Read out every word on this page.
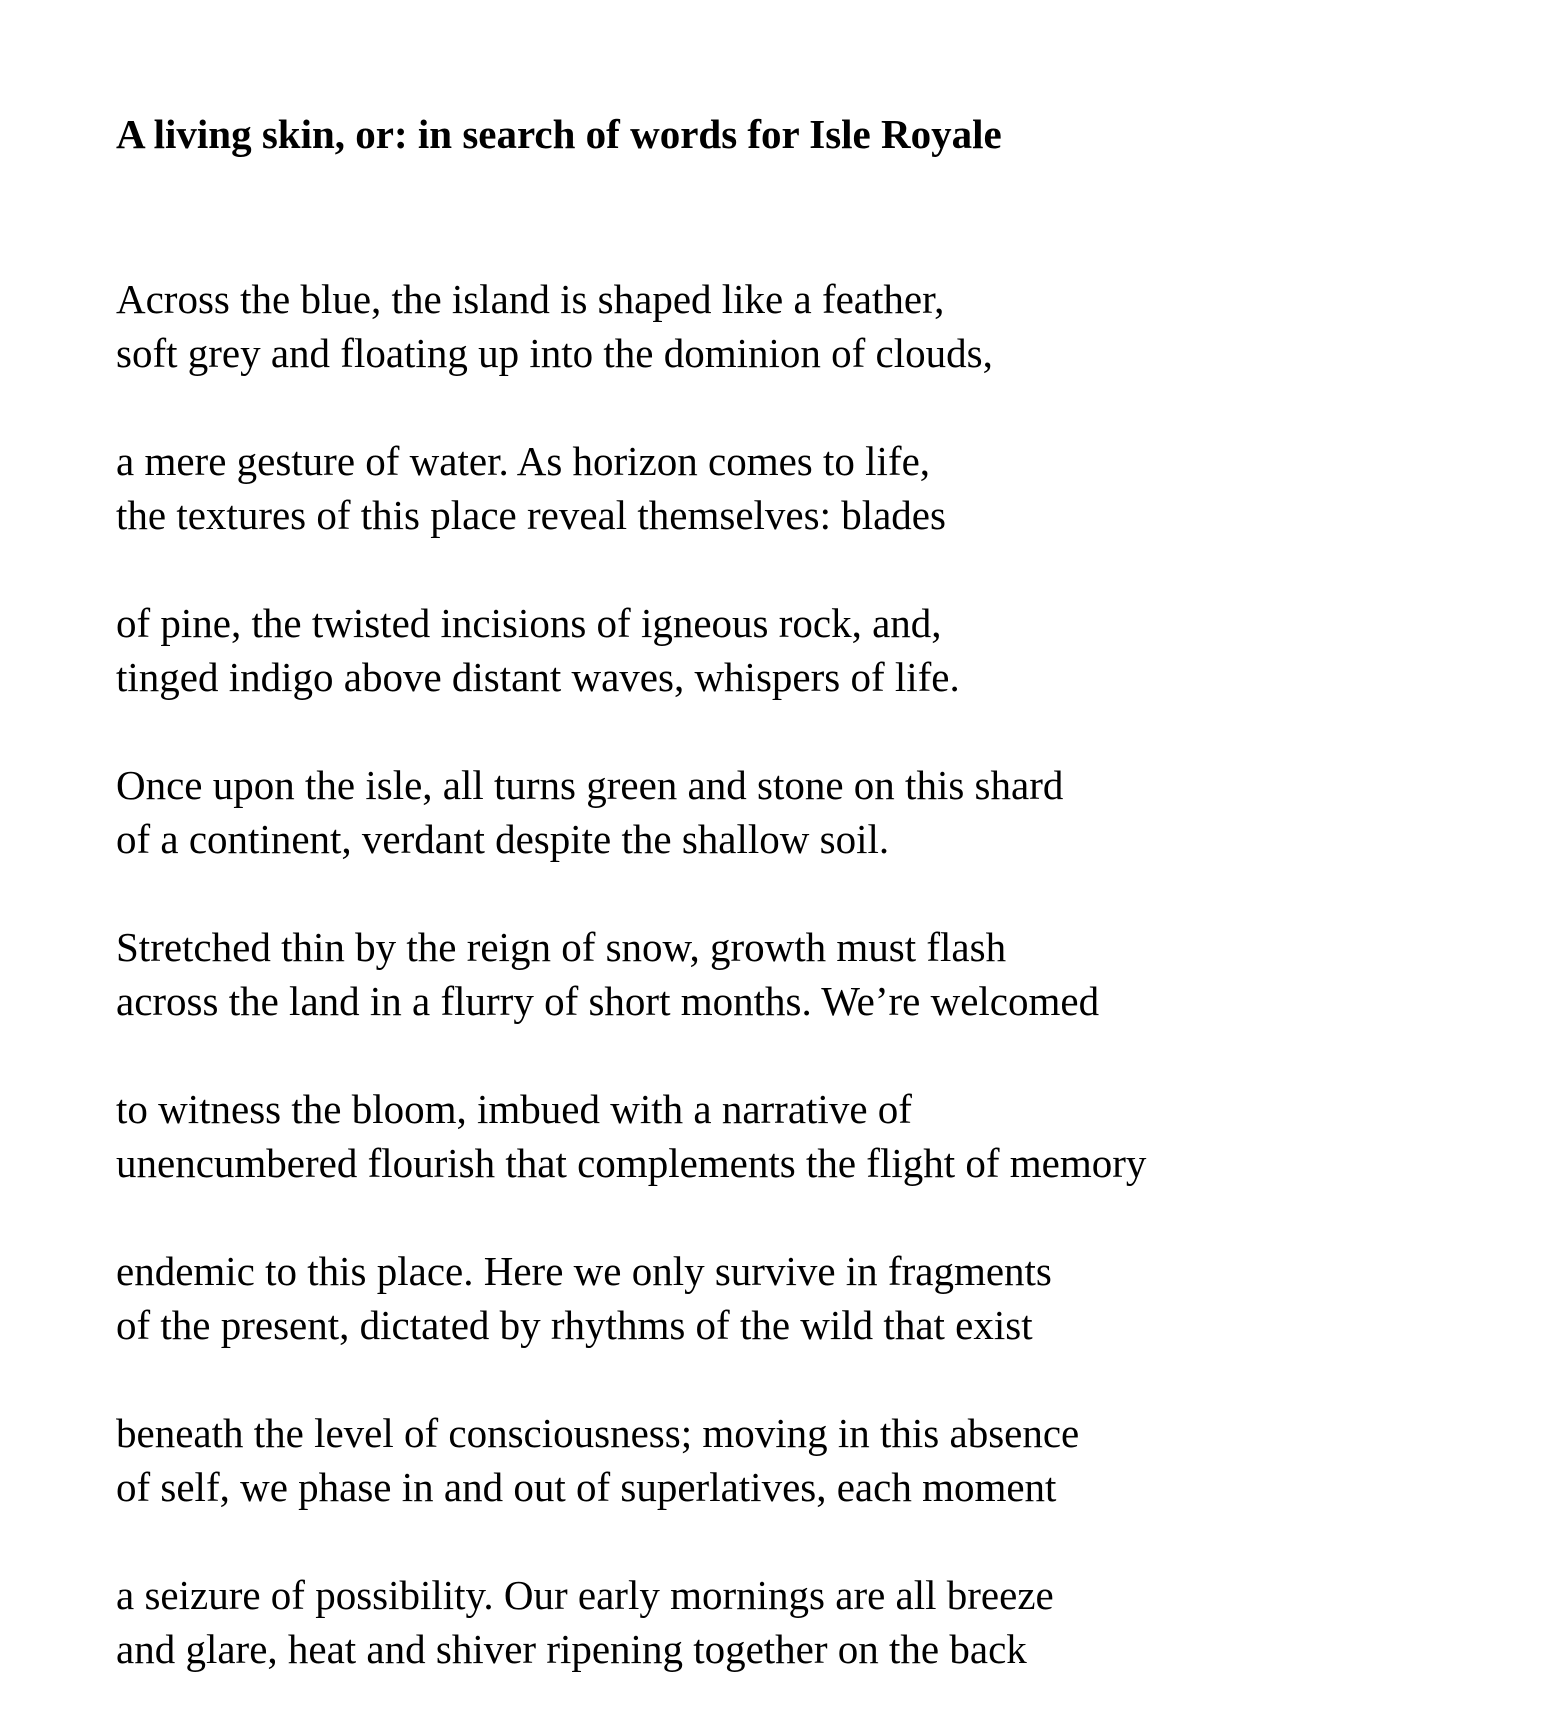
A living skin, or: in search of words for Isle Royale

Across the blue, the island is shaped like a feather,
soft grey and floating up into the dominion of clouds,

a mere gesture of water. As horizon comes to life,
the textures of this place reveal themselves: blades

of pine, the twisted incisions of igneous rock, and,
tinged indigo above distant waves, whispers of life.

Once upon the isle, all turns green and stone on this shard
of a continent, verdant despite the shallow soil.

Stretched thin by the reign of snow, growth must flash
across the land in a flurry of short months. We’re welcomed

to witness the bloom, imbued with a narrative of
unencumbered flourish that complements the flight of memory

endemic to this place. Here we only survive in fragments
of the present, dictated by rhythms of the wild that exist

beneath the level of consciousness; moving in this absence
of self, we phase in and out of superlatives, each moment

a seizure of possibility. Our early mornings are all breeze
and glare, heat and shiver ripening together on the back
